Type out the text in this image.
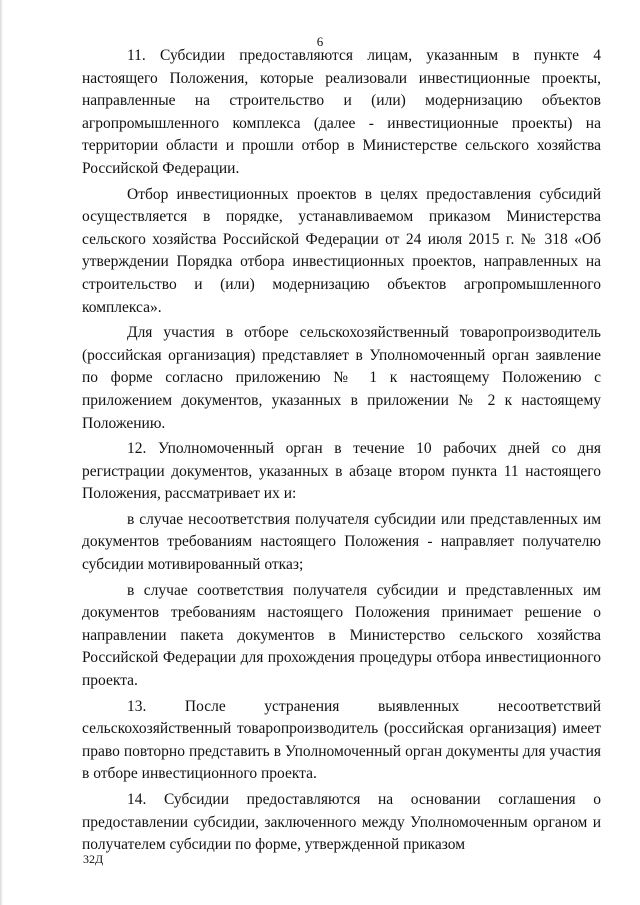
6

11. Субсидии предоставляются лицам, указанным в пункте 4 настоящего Положения, которые реализовали инвестиционные проекты, направленные на строительство и (или) модернизацию объектов агропромышленного комплекса (далее - инвестиционные проекты) на территории области и прошли отбор в Министерстве сельского хозяйства Российской Федерации.

Отбор инвестиционных проектов в целях предоставления субсидий осуществляется в порядке, устанавливаемом приказом Министерства сельского хозяйства Российской Федерации от 24 июля 2015 г. № 318 «Об утверждении Порядка отбора инвестиционных проектов, направленных на строительство и (или) модернизацию объектов агропромышленного комплекса».

Для участия в отборе сельскохозяйственный товаропроизводитель (российская организация) представляет в Уполномоченный орган заявление по форме согласно приложению № 1 к настоящему Положению с приложением документов, указанных в приложении № 2 к настоящему Положению.

12. Уполномоченный орган в течение 10 рабочих дней со дня регистрации документов, указанных в абзаце втором пункта 11 настоящего Положения, рассматривает их и:

в случае несоответствия получателя субсидии или представленных им документов требованиям настоящего Положения - направляет получателю субсидии мотивированный отказ;

в случае соответствия получателя субсидии и представленных им документов требованиям настоящего Положения принимает решение о направлении пакета документов в Министерство сельского хозяйства Российской Федерации для прохождения процедуры отбора инвестиционного проекта.

13. После устранения выявленных несоответствий сельскохозяйственный товаропроизводитель (российская организация) имеет право повторно представить в Уполномоченный орган документы для участия в отборе инвестиционного проекта.

14. Субсидии предоставляются на основании соглашения о предоставлении субсидии, заключенного между Уполномоченным органом и получателем субсидии по форме, утвержденной приказом

32Д
